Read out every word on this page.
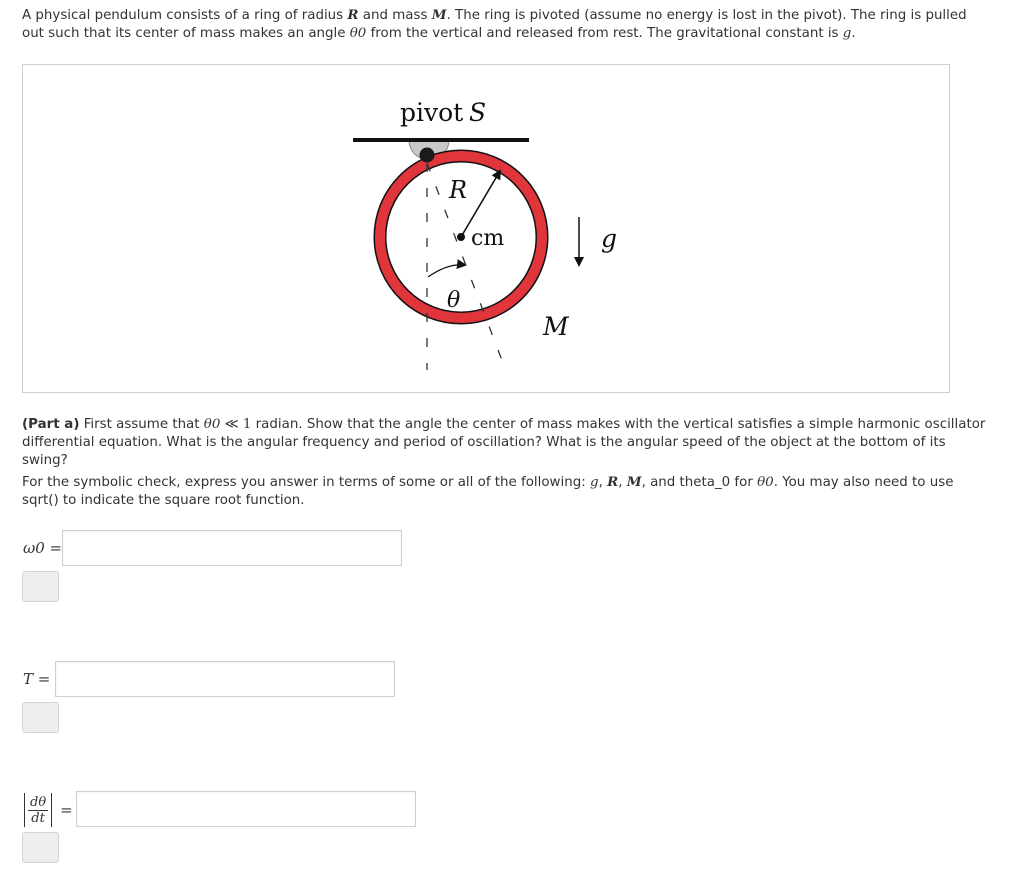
A physical pendulum consists of a ring of radius R and mass M. The ring is pivoted (assume no energy is lost in the pivot). The ring is pulled out such that its center of mass makes an angle θ0 from the vertical and released from rest. The gravitational constant is g.
pivot S
R
cm
θ
M
g
(Part a) First assume that θ0 ≪ 1 radian. Show that the angle the center of mass makes with the vertical satisfies a simple harmonic oscillator differential equation. What is the angular frequency and period of oscillation? What is the angular speed of the object at the bottom of its swing?
For the symbolic check, express you answer in terms of some or all of the following: g, R, M, and theta_0 for θ0. You may also need to use sqrt() to indicate the square root function.
ω0 =
T =
$\frac{d\theta}{dt}$ =
